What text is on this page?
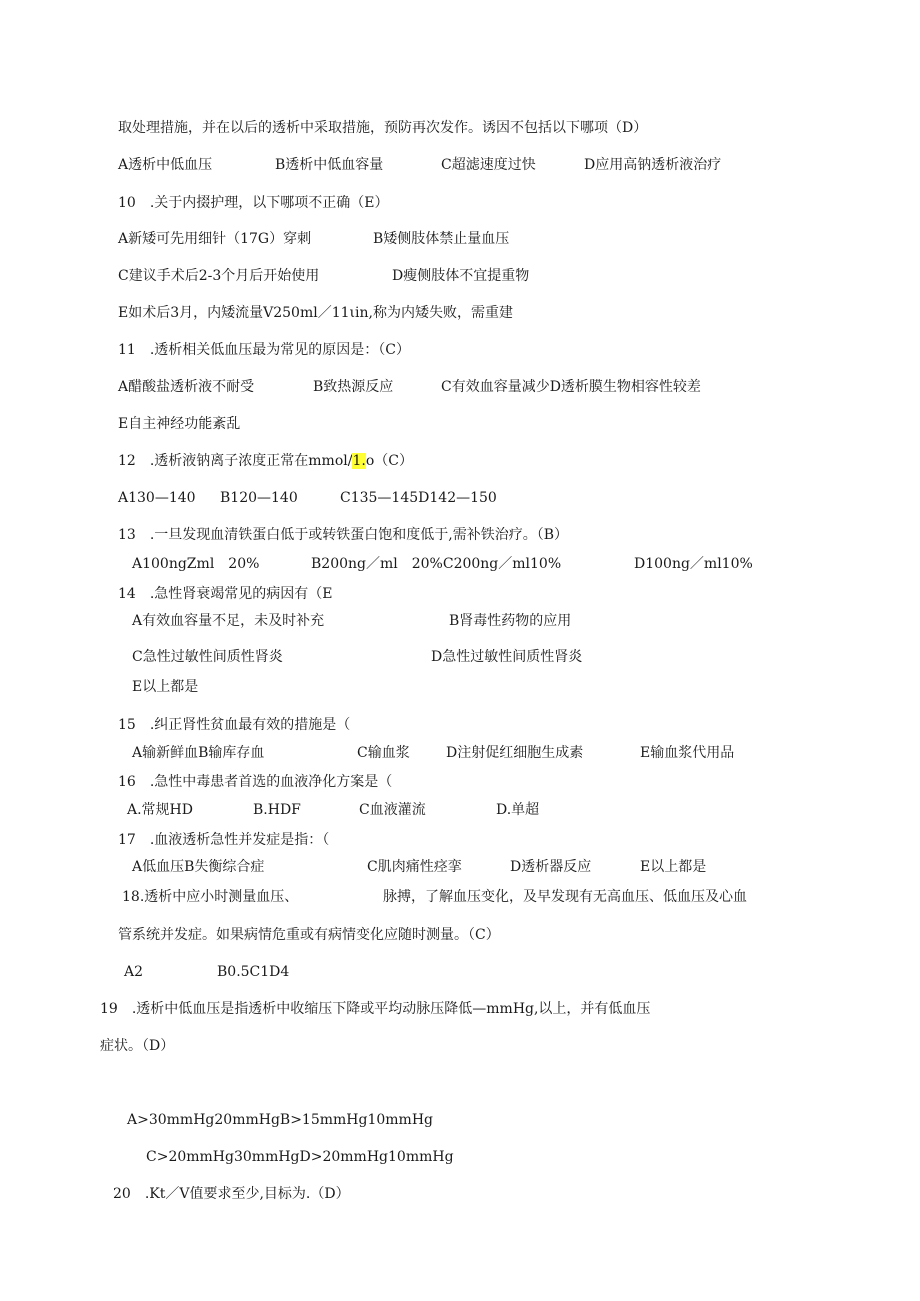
取处理措施，并在以后的透析中采取措施，预防再次发作。诱因不包括以下哪项（D）
A透析中低血压	B透析中低血容量	C超滤速度过快	D应用高钠透析液治疗
10　.关于内掇护理，以下哪项不正确（E）
A新矮可先用细针（17G）穿刺	B矮侧肢体禁止量血压
C建议手术后2-3个月后开始使用	D瘦侧肢体不宜提重物
E如术后3月，内矮流量V250ml／11ιin,称为内矮失败，需重建
11　.透析相关低血压最为常见的原因是：（C）
A醋酸盐透析液不耐受	B致热源反应	C有效血容量减少D透析膜生物相容性较差
E自主神经功能紊乱
12　.透析液钠离子浓度正常在mmol/1.o（C）
A130—140 B120—140	C135—145D142—150
13　.一旦发现血清铁蛋白低于或转铁蛋白饱和度低于,需补铁治疗。（B）
A100ngZml　20%	B200ng／ml　20%C200ng／ml10%	D100ng／ml10%
14　.急性肾衰竭常见的病因有（E
A有效血容量不足，未及时补充	B肾毒性药物的应用
C急性过敏性间质性肾炎	D急性过敏性间质性肾炎
E以上都是
15　.纠正肾性贫血最有效的措施是（
A输新鲜血B输库存血	C输血浆	D注射促红细胞生成素	E输血浆代用品
16　.急性中毒患者首选的血液净化方案是（
A.常规HD	B.HDF	C血液灌流	D.单超
17　.血液透析急性并发症是指：（
A低血压B失衡综合症	C肌肉痛性痉挛	D透析器反应	E以上都是
18.透析中应小时测量血压、	脉搏，了解血压变化，及早发现有无高血压、低血压及心血
管系统并发症。如果病情危重或有病情变化应随时测量。（C）
A2	B0.5C1D4
19　.透析中低血压是指透析中收缩压下降或平均动脉压降低—mmHg,以上，并有低血压
症状。（D）
A>30mmHg20mmHgB>15mmHg10mmHg
C>20mmHg30mmHgD>20mmHg10mmHg
20　.Kt／V值要求至少,目标为.（D）
